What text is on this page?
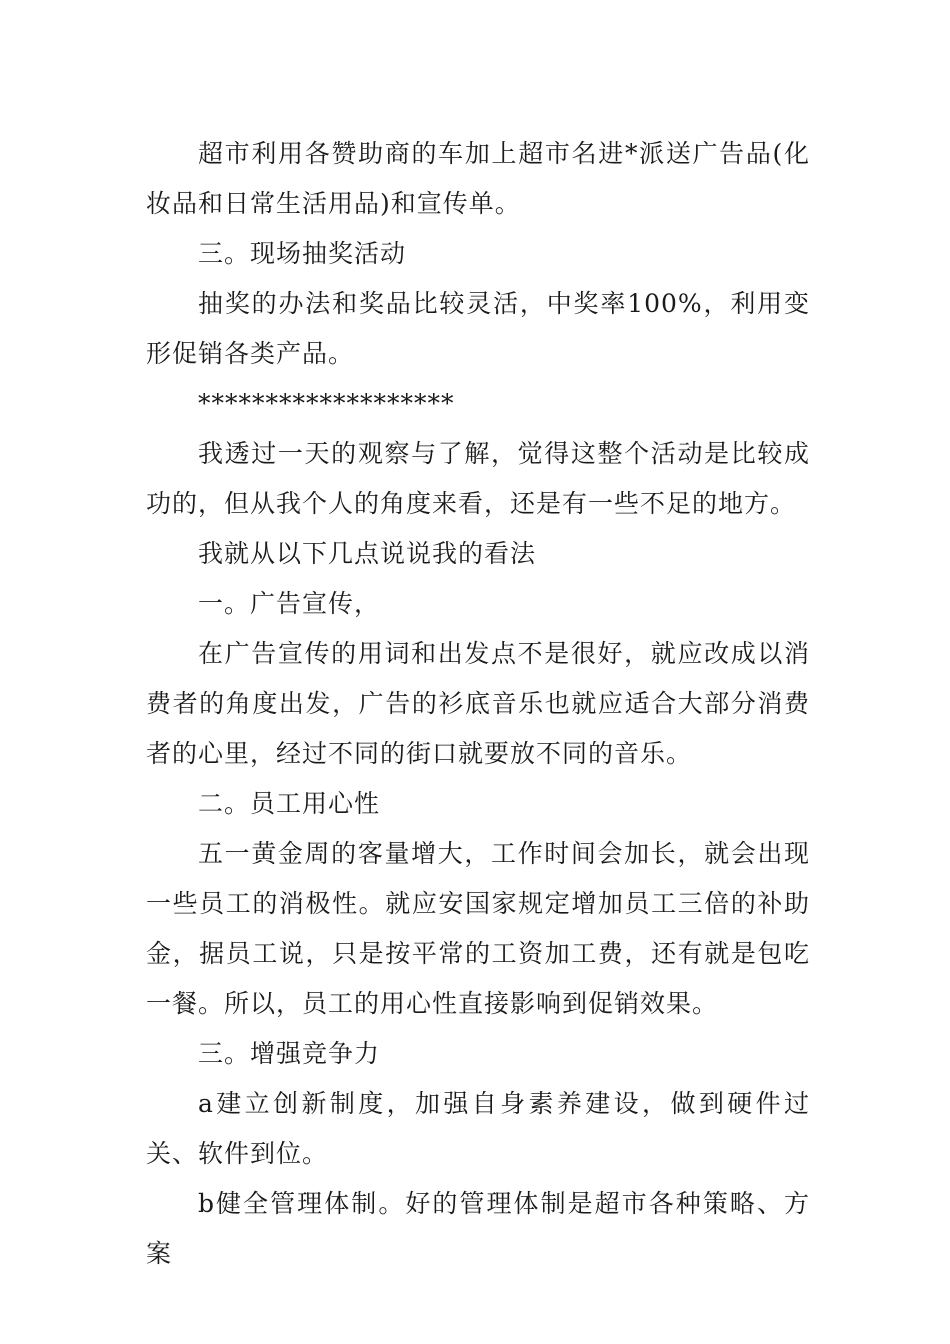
超市利用各赞助商的车加上超市名进*派送广告品(化妆品和日常生活用品)和宣传单。

三。现场抽奖活动

抽奖的办法和奖品比较灵活，中奖率100%，利用变形促销各类产品。

*******************

我透过一天的观察与了解，觉得这整个活动是比较成功的，但从我个人的角度来看，还是有一些不足的地方。

我就从以下几点说说我的看法

一。广告宣传，

在广告宣传的用词和出发点不是很好，就应改成以消费者的角度出发，广告的衫底音乐也就应适合大部分消费者的心里，经过不同的街口就要放不同的音乐。

二。员工用心性

五一黄金周的客量增大，工作时间会加长，就会出现一些员工的消极性。就应安国家规定增加员工三倍的补助金，据员工说，只是按平常的工资加工费，还有就是包吃一餐。所以，员工的用心性直接影响到促销效果。

三。增强竞争力

a建立创新制度，加强自身素养建设，做到硬件过关、软件到位。

b健全管理体制。好的管理体制是超市各种策略、方案
